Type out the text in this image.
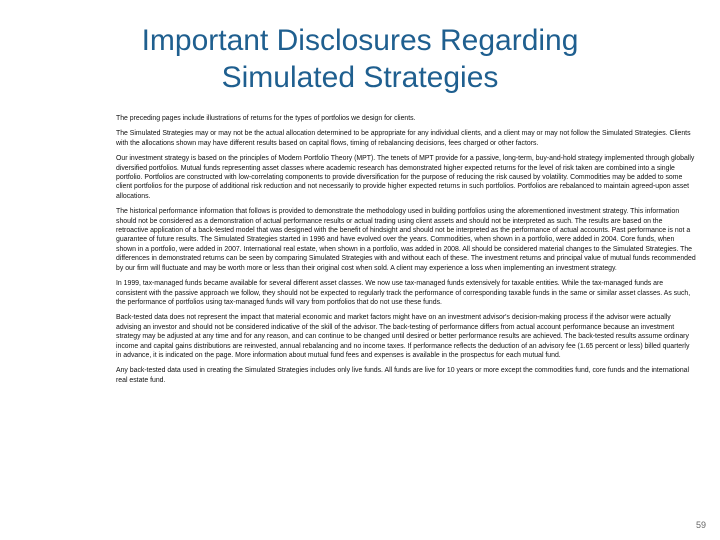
Important Disclosures Regarding
Simulated Strategies

The preceding pages include illustrations of returns for the types of portfolios we design for clients.

The Simulated Strategies may or may not be the actual allocation determined to be appropriate for any individual clients, and a client may or may not follow the Simulated Strategies. Clients with the allocations shown may have different results based on capital flows, timing of rebalancing decisions, fees charged or other factors.

Our investment strategy is based on the principles of Modern Portfolio Theory (MPT). The tenets of MPT provide for a passive, long-term, buy-and-hold strategy implemented through globally diversified portfolios. Mutual funds representing asset classes where academic research has demonstrated higher expected returns for the level of risk taken are combined into a single portfolio. Portfolios are constructed with low-correlating components to provide diversification for the purpose of reducing the risk caused by volatility. Commodities may be added to some client portfolios for the purpose of additional risk reduction and not necessarily to provide higher expected returns in such portfolios. Portfolios are rebalanced to maintain agreed-upon asset allocations.

The historical performance information that follows is provided to demonstrate the methodology used in building portfolios using the aforementioned investment strategy. This information should not be considered as a demonstration of actual performance results or actual trading using client assets and should not be interpreted as such. The results are based on the retroactive application of a back-tested model that was designed with the benefit of hindsight and should not be interpreted as the performance of actual accounts. Past performance is not a guarantee of future results. The Simulated Strategies started in 1996 and have evolved over the years. Commodities, when shown in a portfolio, were added in 2004. Core funds, when shown in a portfolio, were added in 2007. International real estate, when shown in a portfolio, was added in 2008. All should be considered material changes to the Simulated Strategies. The differences in demonstrated returns can be seen by comparing Simulated Strategies with and without each of these. The investment returns and principal value of mutual funds recommended by our firm will fluctuate and may be worth more or less than their original cost when sold. A client may experience a loss when implementing an investment strategy.

In 1999, tax-managed funds became available for several different asset classes. We now use tax-managed funds extensively for taxable entities. While the tax-managed funds are consistent with the passive approach we follow, they should not be expected to regularly track the performance of corresponding taxable funds in the same or similar asset classes. As such, the performance of portfolios using tax-managed funds will vary from portfolios that do not use these funds.

Back-tested data does not represent the impact that material economic and market factors might have on an investment advisor's decision-making process if the advisor were actually advising an investor and should not be considered indicative of the skill of the advisor. The back-testing of performance differs from actual account performance because an investment strategy may be adjusted at any time and for any reason, and can continue to be changed until desired or better performance results are achieved. The back-tested results assume ordinary income and capital gains distributions are reinvested, annual rebalancing and no income taxes. If performance reflects the deduction of an advisory fee (1.65 percent or less) billed quarterly in advance, it is indicated on the page. More information about mutual fund fees and expenses is available in the prospectus for each mutual fund.

Any back-tested data used in creating the Simulated Strategies includes only live funds. All funds are live for 10 years or more except the commodities fund, core funds and the international real estate fund.

59
